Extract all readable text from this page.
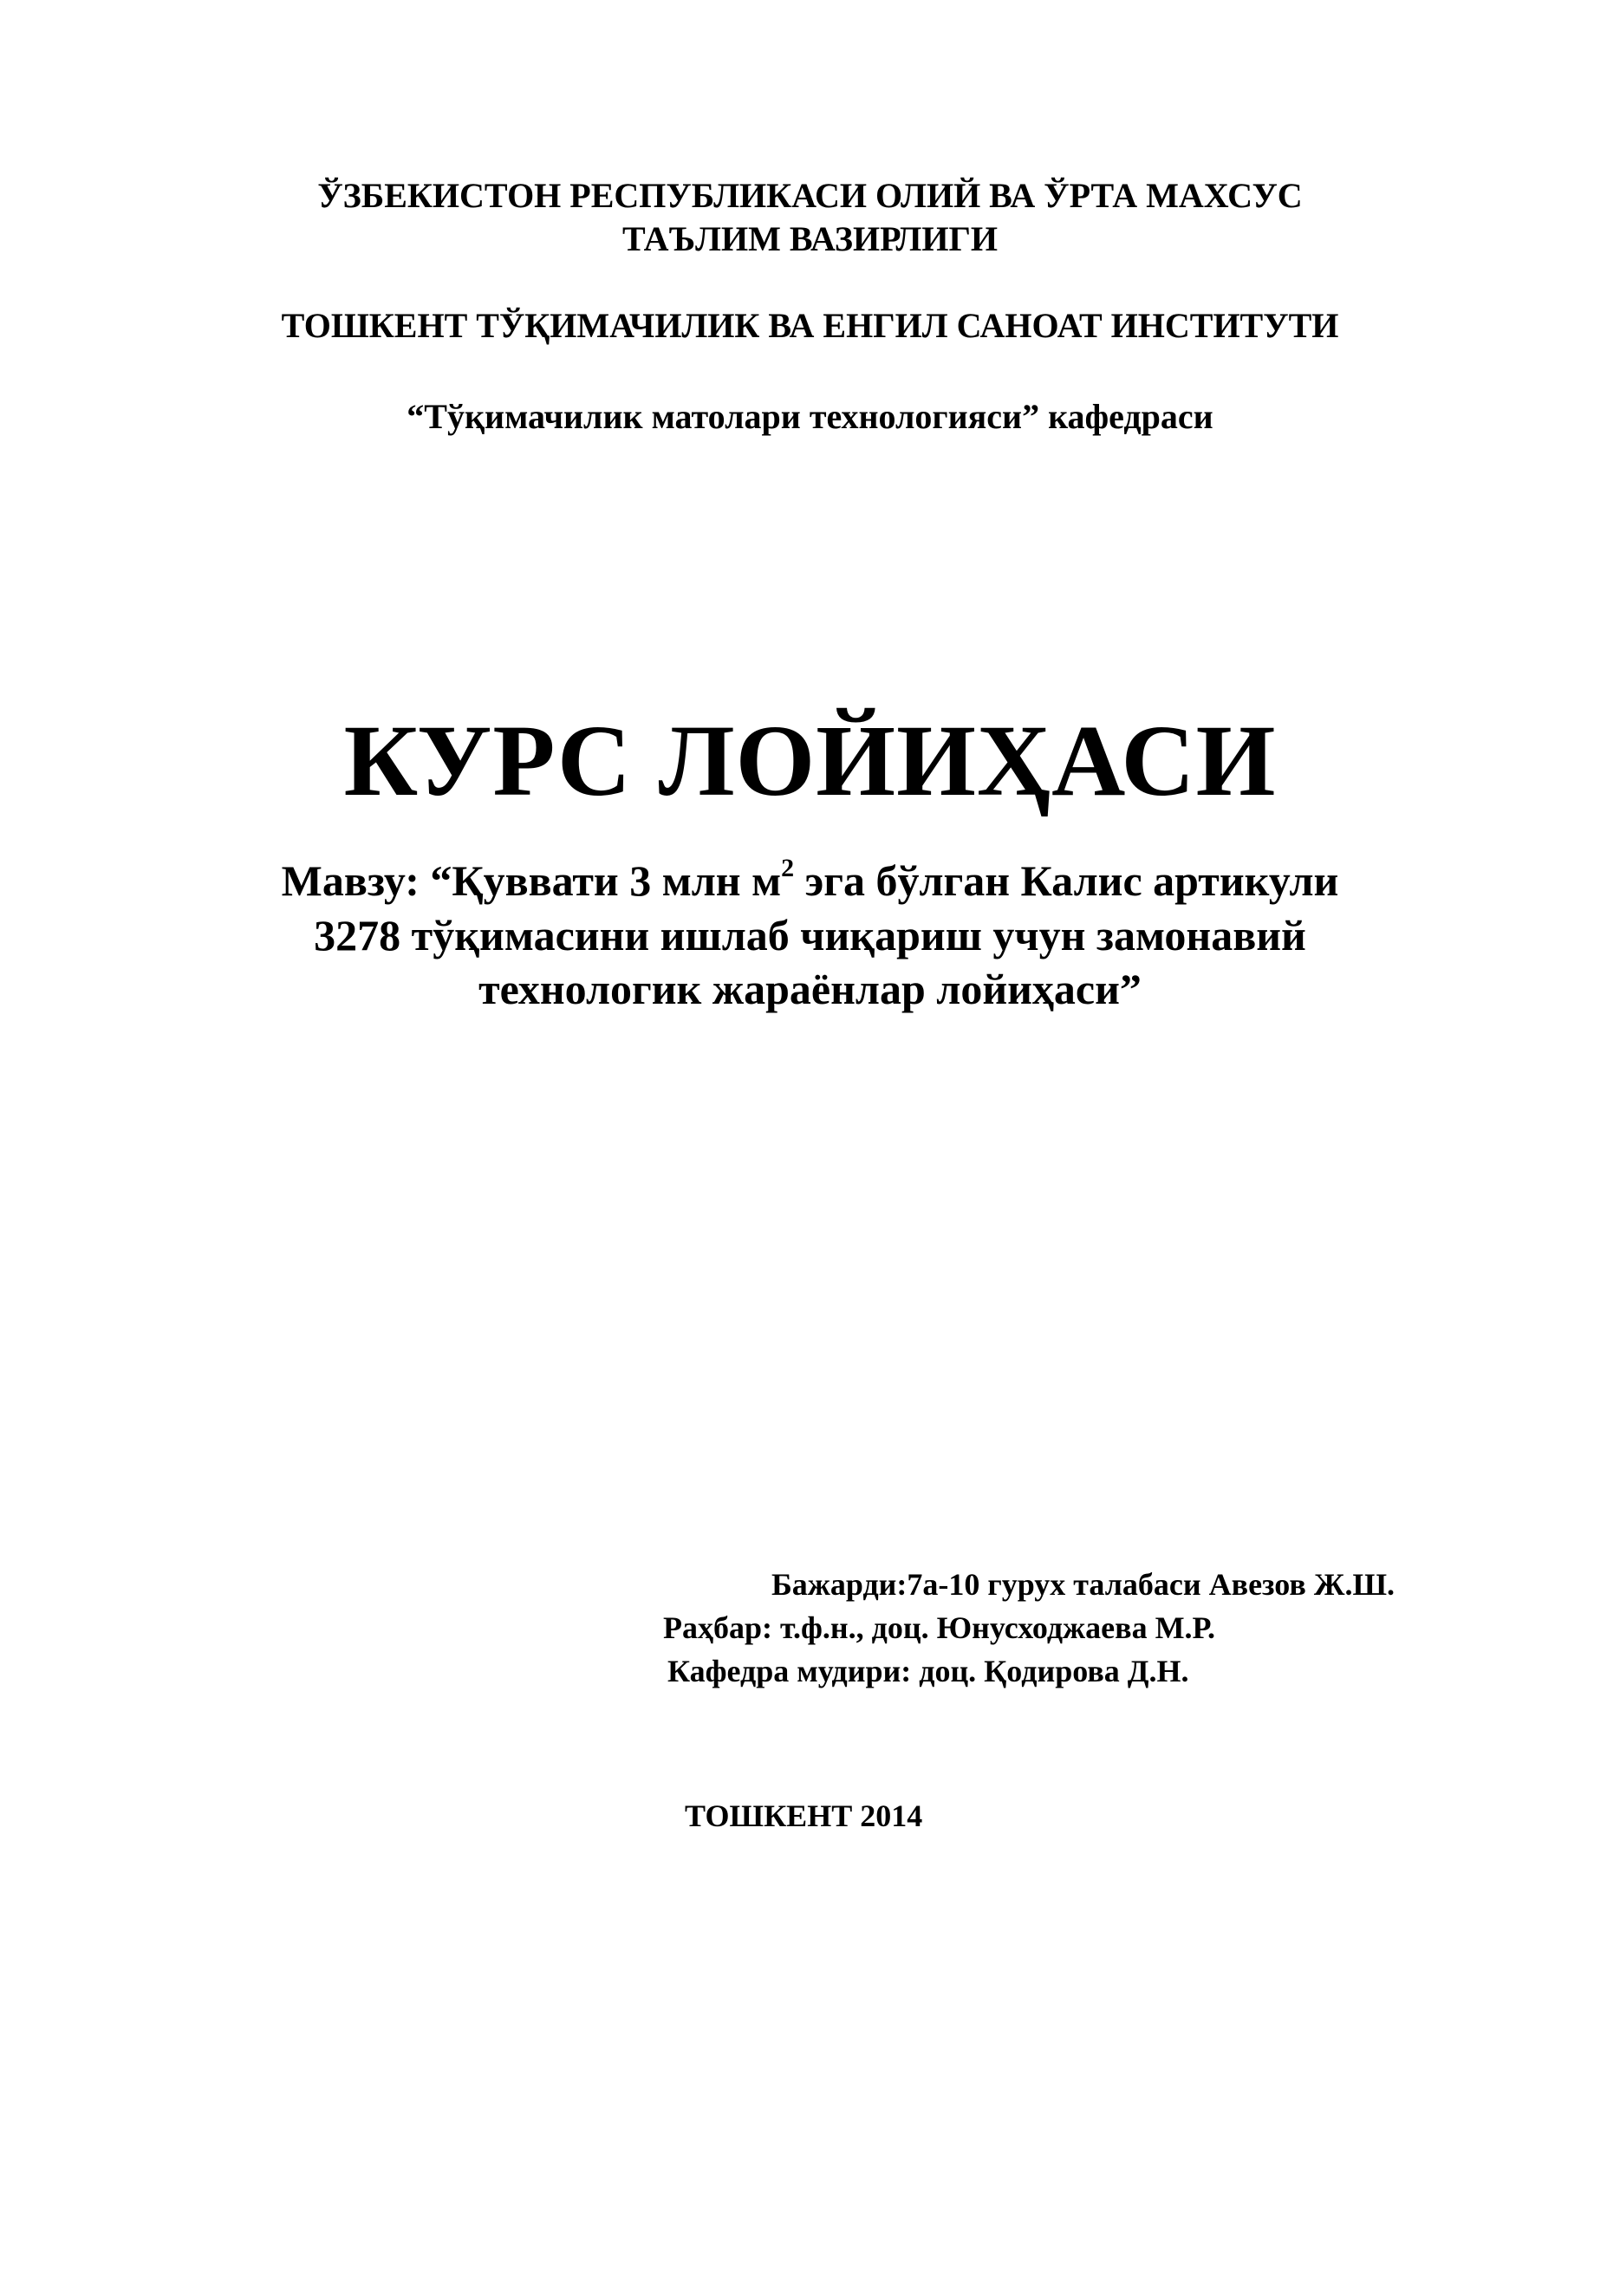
ЎЗБЕКИСТОН РЕСПУБЛИКАСИ ОЛИЙ ВА ЎРТА МАХСУС
ТАЪЛИМ ВАЗИРЛИГИ
ТОШКЕНТ ТЎҚИМАЧИЛИК ВА ЕНГИЛ САНОАТ ИНСТИТУТИ
“Тўқимачилик матолари технологияси” кафедраси
КУРС ЛОЙИҲАСИ
Мавзу: “Қуввати 3 млн $м^2$ эга бўлган Калис артикули
3278 тўқимасини ишлаб чиқариш учун замонавий
технологик жараёнлар лойиҳаси”
Бажарди:7а-10 гурух талабаси Авезов Ж.Ш.
Раҳбар: т.ф.н., доц. Юнусходжаева М.Р.
Кафедра мудири: доц. Қодирова Д.Н.
ТОШКЕНТ 2014
